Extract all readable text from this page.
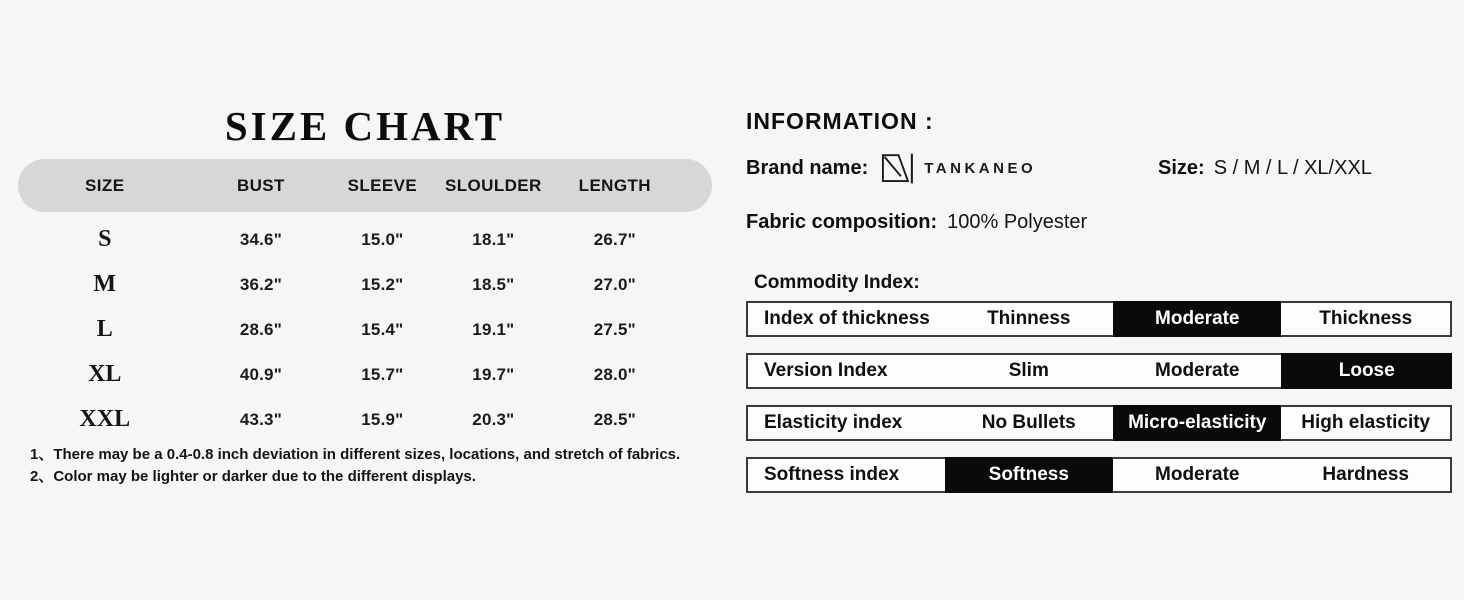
SIZE CHART
SIZE	BUST	SLEEVE	SLOULDER	LENGTH
S	34.6"	15.0"	18.1"	26.7"
M	36.2"	15.2"	18.5"	27.0"
L	28.6"	15.4"	19.1"	27.5"
XL	40.9"	15.7"	19.7"	28.0"
XXL	43.3"	15.9"	20.3"	28.5"

1、There may be a 0.4-0.8 inch deviation in different sizes, locations, and stretch of fabrics.

2、Color may be lighter or darker due to the different displays.

INFORMATION :
Brand name:	TANKANEO	Size: S / M / L / XL/XXL
Fabric composition: 100% Polyester
Commodity Index:
Index of thickness	Thinness	Moderate	Thickness
Version Index	Slim	Moderate	Loose
Elasticity index	No Bullets	Micro-elasticity	High elasticity
Softness index	Softness	Moderate	Hardness
